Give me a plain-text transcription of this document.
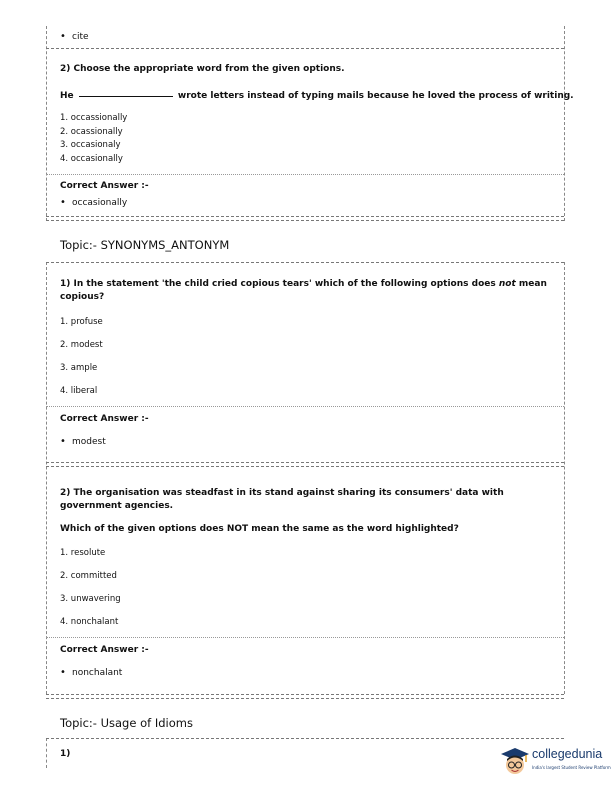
• cite
2) Choose the appropriate word from the given options.
He	wrote letters instead of typing mails because he loved the process of writing.
1. occassionally
2. ocassionally
3. occasionaly
4. occasionally
Correct Answer :-
• occasionally
Topic:- SYNONYMS_ANTONYM
1) In the statement 'the child cried copious tears' which of the following options does not mean copious?
1. profuse
2. modest
3. ample
4. liberal
Correct Answer :-
• modest
2) The organisation was steadfast in its stand against sharing its consumers' data with government agencies.
Which of the given options does NOT mean the same as the word highlighted?
1. resolute
2. committed
3. unwavering
4. nonchalant
Correct Answer :-
• nonchalant
Topic:- Usage of Idioms
1)	collegedunia
India's largest Student Review Platform
